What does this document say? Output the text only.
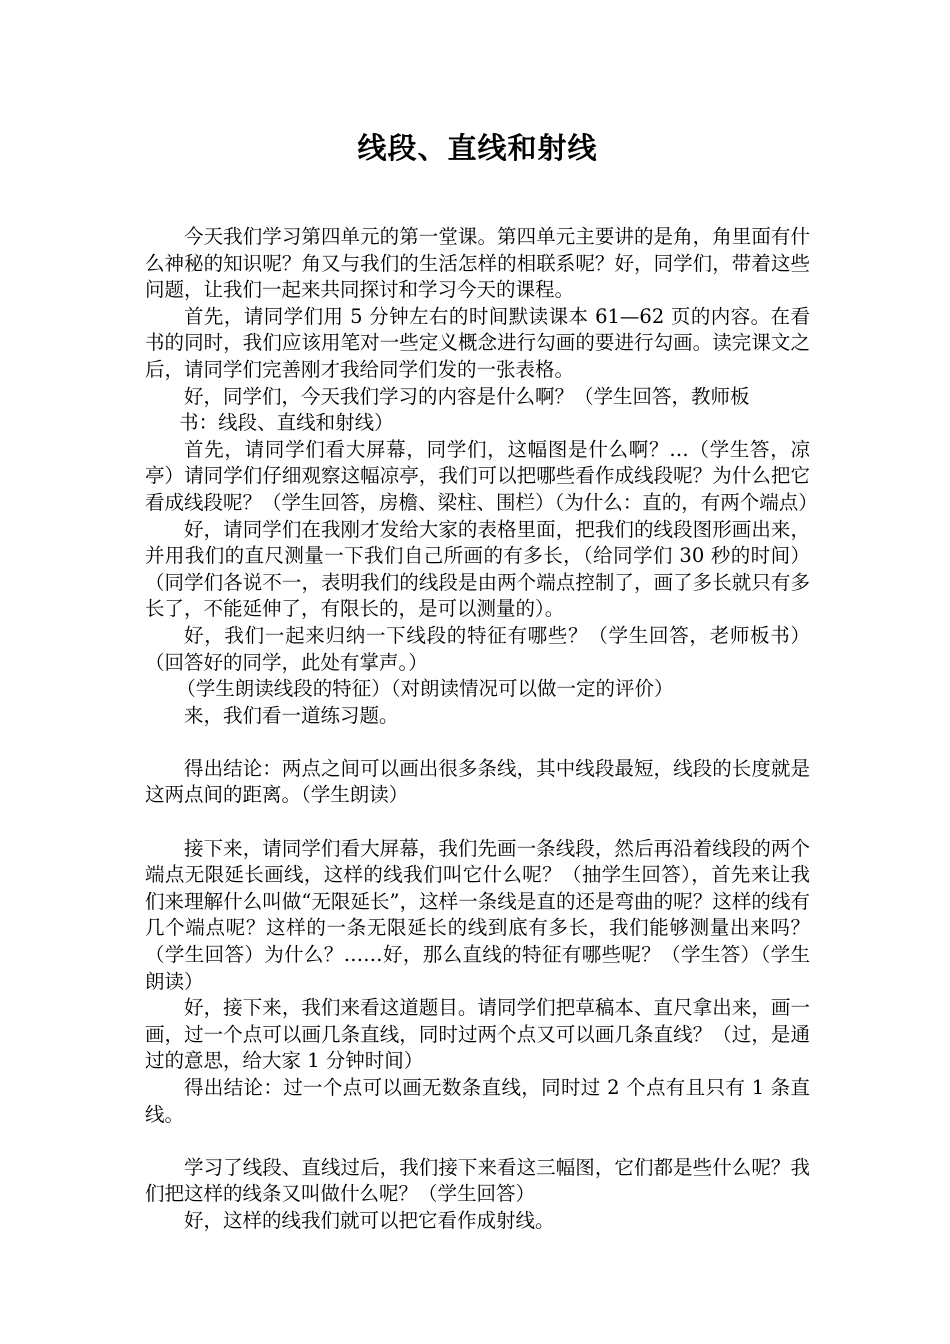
线段、直线和射线

今天我们学习第四单元的第一堂课。第四单元主要讲的是角，角里面有什么神秘的知识呢？角又与我们的生活怎样的相联系呢？好，同学们，带着这些问题，让我们一起来共同探讨和学习今天的课程。

首先，请同学们用 5 分钟左右的时间默读课本 61—62 页的内容。在看书的同时，我们应该用笔对一些定义概念进行勾画的要进行勾画。读完课文之后，请同学们完善刚才我给同学们发的一张表格。

好，同学们，今天我们学习的内容是什么啊？（学生回答，教师板

书：线段、直线和射线）

首先，请同学们看大屏幕，同学们，这幅图是什么啊？…（学生答，凉亭）请同学们仔细观察这幅凉亭，我们可以把哪些看作成线段呢？为什么把它看成线段呢？（学生回答，房檐、梁柱、围栏）（为什么：直的，有两个端点）

好，请同学们在我刚才发给大家的表格里面，把我们的线段图形画出来，并用我们的直尺测量一下我们自己所画的有多长，（给同学们 30 秒的时间）（同学们各说不一，表明我们的线段是由两个端点控制了，画了多长就只有多长了，不能延伸了，有限长的，是可以测量的）。

好，我们一起来归纳一下线段的特征有哪些？（学生回答，老师板书）（回答好的同学，此处有掌声。）

（学生朗读线段的特征）（对朗读情况可以做一定的评价）

来，我们看一道练习题。

得出结论：两点之间可以画出很多条线，其中线段最短，线段的长度就是这两点间的距离。（学生朗读）

接下来，请同学们看大屏幕，我们先画一条线段，然后再沿着线段的两个端点无限延长画线，这样的线我们叫它什么呢？（抽学生回答），首先来让我们来理解什么叫做“无限延长”，这样一条线是直的还是弯曲的呢？这样的线有几个端点呢？这样的一条无限延长的线到底有多长，我们能够测量出来吗？（学生回答）为什么？……好，那么直线的特征有哪些呢？（学生答）（学生朗读）

好，接下来，我们来看这道题目。请同学们把草稿本、直尺拿出来，画一画，过一个点可以画几条直线，同时过两个点又可以画几条直线？（过，是通过的意思，给大家 1 分钟时间）

得出结论：过一个点可以画无数条直线，同时过 2 个点有且只有 1 条直线。

学习了线段、直线过后，我们接下来看这三幅图，它们都是些什么呢？我们把这样的线条又叫做什么呢？（学生回答）

好，这样的线我们就可以把它看作成射线。
